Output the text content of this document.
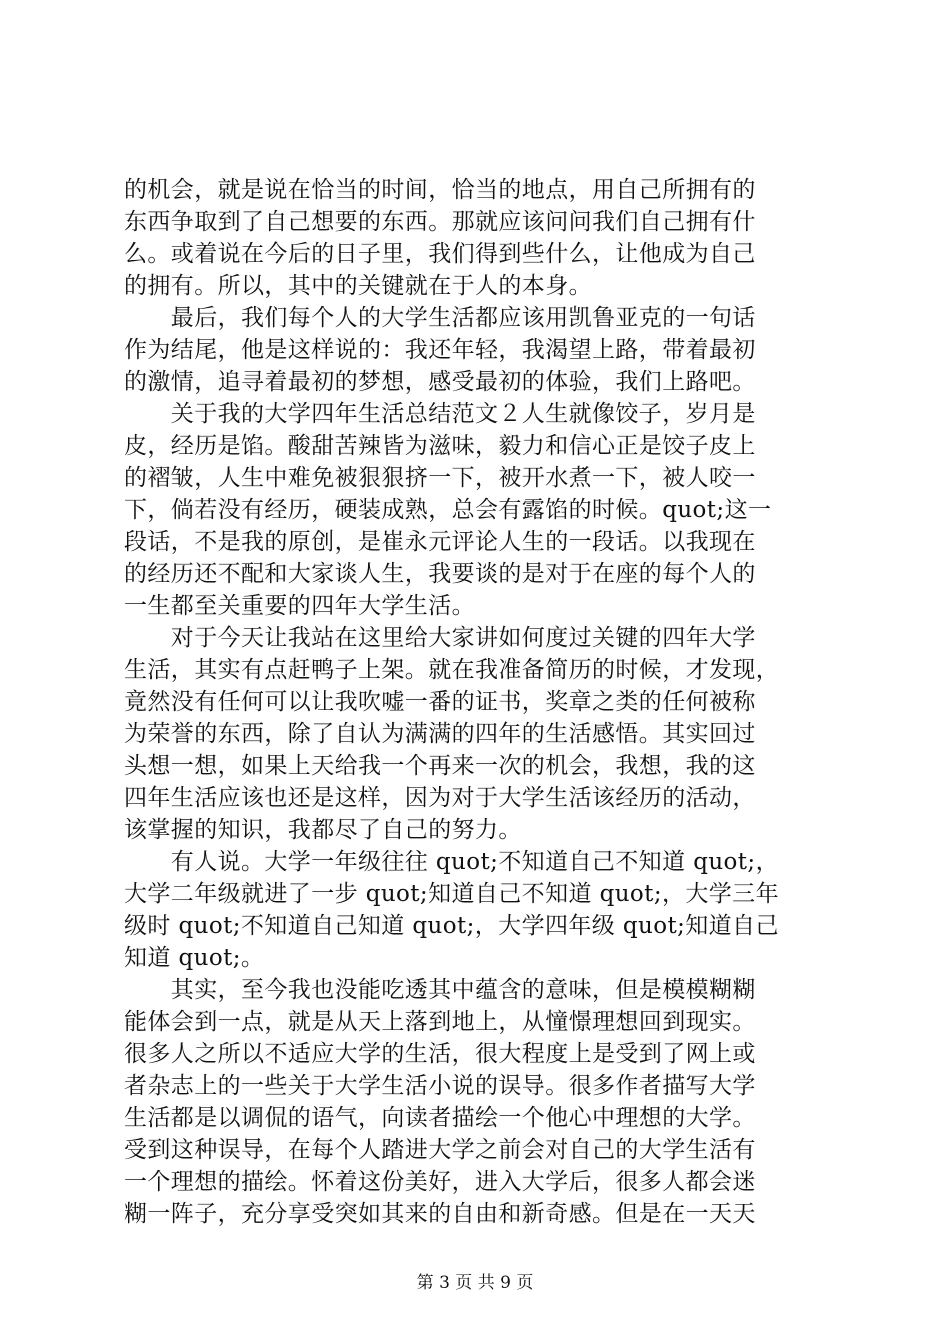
的机会，就是说在恰当的时间，恰当的地点，用自己所拥有的
东西争取到了自己想要的东西。那就应该问问我们自己拥有什
么。或着说在今后的日子里，我们得到些什么，让他成为自己
的拥有。所以，其中的关键就在于人的本身。
　　最后，我们每个人的大学生活都应该用凯鲁亚克的一句话
作为结尾，他是这样说的：我还年轻，我渴望上路，带着最初
的激情，追寻着最初的梦想，感受最初的体验，我们上路吧。
　　关于我的大学四年生活总结范文２人生就像饺子，岁月是
皮，经历是馅。酸甜苦辣皆为滋味，毅力和信心正是饺子皮上
的褶皱，人生中难免被狠狠挤一下，被开水煮一下，被人咬一
下，倘若没有经历，硬装成熟，总会有露馅的时候。quot;这一
段话，不是我的原创，是崔永元评论人生的一段话。以我现在
的经历还不配和大家谈人生，我要谈的是对于在座的每个人的
一生都至关重要的四年大学生活。
　　对于今天让我站在这里给大家讲如何度过关键的四年大学
生活，其实有点赶鸭子上架。就在我准备简历的时候，才发现，
竟然没有任何可以让我吹嘘一番的证书，奖章之类的任何被称
为荣誉的东西，除了自认为满满的四年的生活感悟。其实回过
头想一想，如果上天给我一个再来一次的机会，我想，我的这
四年生活应该也还是这样，因为对于大学生活该经历的活动，
该掌握的知识，我都尽了自己的努力。
　　有人说。大学一年级往往 quot;不知道自己不知道 quot;，
大学二年级就进了一步 quot;知道自己不知道 quot;，大学三年
级时 quot;不知道自己知道 quot;，大学四年级 quot;知道自己
知道 quot;。
　　其实，至今我也没能吃透其中蕴含的意味，但是模模糊糊
能体会到一点，就是从天上落到地上，从憧憬理想回到现实。
很多人之所以不适应大学的生活，很大程度上是受到了网上或
者杂志上的一些关于大学生活小说的误导。很多作者描写大学
生活都是以调侃的语气，向读者描绘一个他心中理想的大学。
受到这种误导，在每个人踏进大学之前会对自己的大学生活有
一个理想的描绘。怀着这份美好，进入大学后，很多人都会迷
糊一阵子，充分享受突如其来的自由和新奇感。但是在一天天
第 3 页 共 9 页
